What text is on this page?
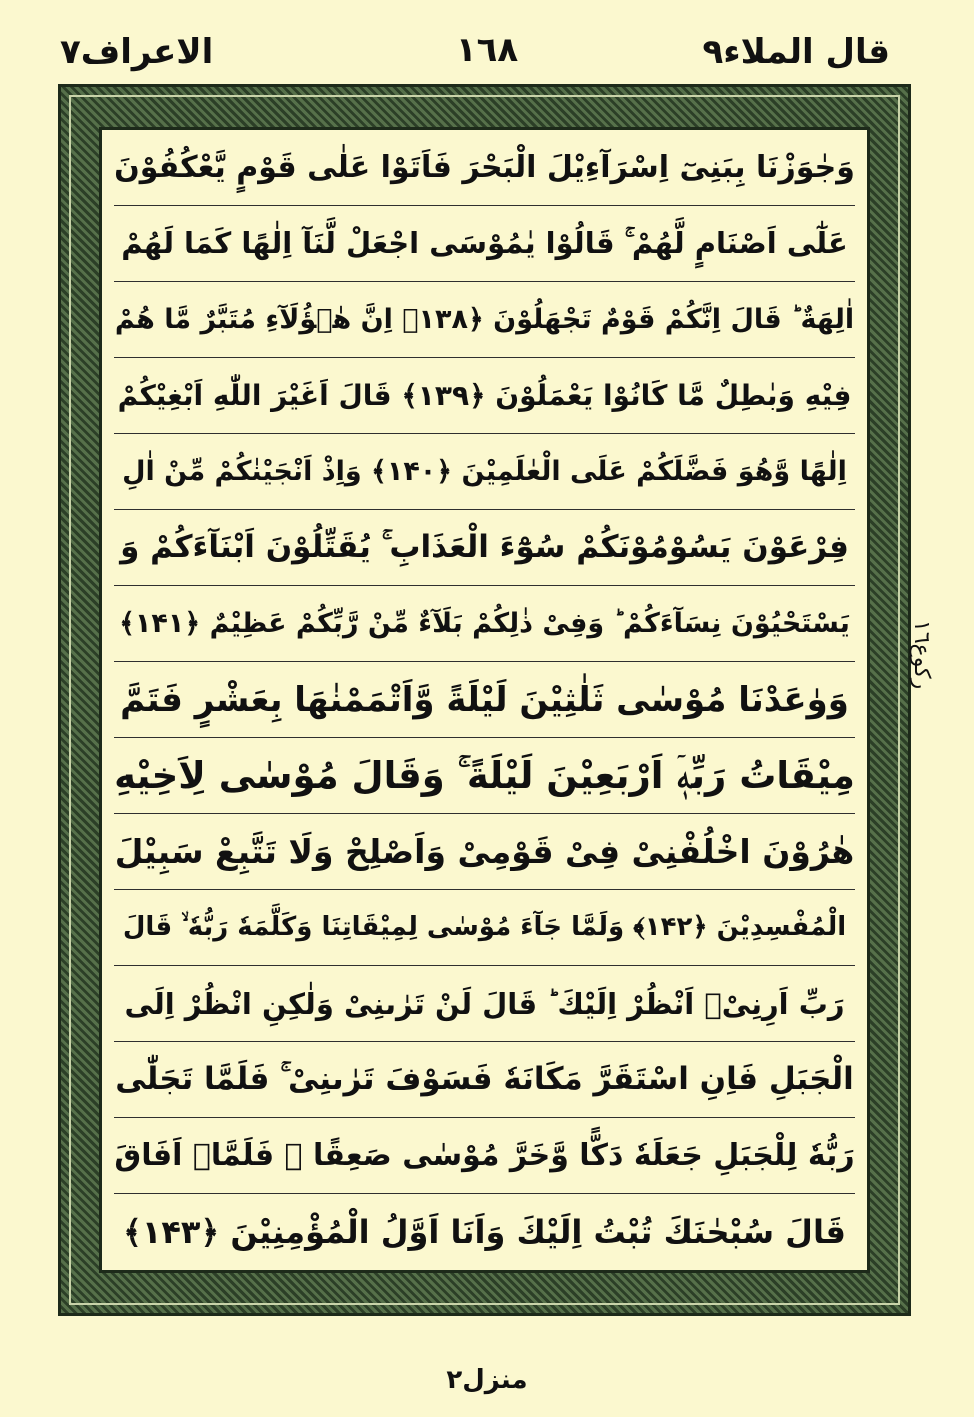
قال الملاء٩
١٦٨
الاعراف٧
وَجٰوَزْنَا بِبَنِیٓ اِسْرَآءِیْلَ الْبَحْرَ فَاَتَوْا عَلٰی قَوْمٍ یَّعْكُفُوْنَ
عَلٰٓی اَصْنَامٍ لَّهُمْ ۚ قَالُوْا یٰمُوْسَی اجْعَلْ لَّنَآ اِلٰهًا كَمَا لَهُمْ
اٰلِهَةٌ ؕ قَالَ اِنَّكُمْ قَوْمٌ تَجْهَلُوْنَ ﴿۱۳۸﴾ اِنَّ هٰۤؤُلَآءِ مُتَبَّرٌ مَّا هُمْ
فِیْهِ وَبٰطِلٌ مَّا كَانُوْا یَعْمَلُوْنَ ﴿۱۳۹﴾ قَالَ اَغَیْرَ اللّٰهِ اَبْغِیْكُمْ
اِلٰهًا وَّهُوَ فَضَّلَكُمْ عَلَی الْعٰلَمِیْنَ ﴿۱۴۰﴾ وَاِذْ اَنْجَیْنٰكُمْ مِّنْ اٰلِ
فِرْعَوْنَ یَسُوْمُوْنَكُمْ سُوْٓءَ الْعَذَابِ ۚ یُقَتِّلُوْنَ اَبْنَآءَكُمْ وَ
یَسْتَحْیُوْنَ نِسَآءَكُمْ ؕ وَفِیْ ذٰلِكُمْ بَلَآءٌ مِّنْ رَّبِّكُمْ عَظِیْمٌ ﴿۱۴۱﴾
وَوٰعَدْنَا مُوْسٰی ثَلٰثِیْنَ لَیْلَةً وَّاَتْمَمْنٰهَا بِعَشْرٍ فَتَمَّ
مِیْقَاتُ رَبِّهٖۤ اَرْبَعِیْنَ لَیْلَةً ۚ وَقَالَ مُوْسٰی لِاَخِیْهِ
هٰرُوْنَ اخْلُفْنِیْ فِیْ قَوْمِیْ وَاَصْلِحْ وَلَا تَتَّبِعْ سَبِیْلَ
الْمُفْسِدِیْنَ ﴿۱۴۲﴾ وَلَمَّا جَآءَ مُوْسٰی لِمِیْقَاتِنَا وَكَلَّمَهٗ رَبُّهٗ ۙ قَالَ
رَبِّ اَرِنِیْۤ اَنْظُرْ اِلَیْكَ ؕ قَالَ لَنْ تَرٰىنِیْ وَلٰكِنِ انْظُرْ اِلَی
الْجَبَلِ فَاِنِ اسْتَقَرَّ مَكَانَهٗ فَسَوْفَ تَرٰىنِیْ ۚ فَلَمَّا تَجَلّٰی
رَبُّهٗ لِلْجَبَلِ جَعَلَهٗ دَكًّا وَّخَرَّ مُوْسٰی صَعِقًا ۚ فَلَمَّاۤ اَفَاقَ
قَالَ سُبْحٰنَكَ تُبْتُ اِلَیْكَ وَاَنَا اَوَّلُ الْمُؤْمِنِیْنَ ﴿۱۴۳﴾
ركوع١٦
منزل٢
